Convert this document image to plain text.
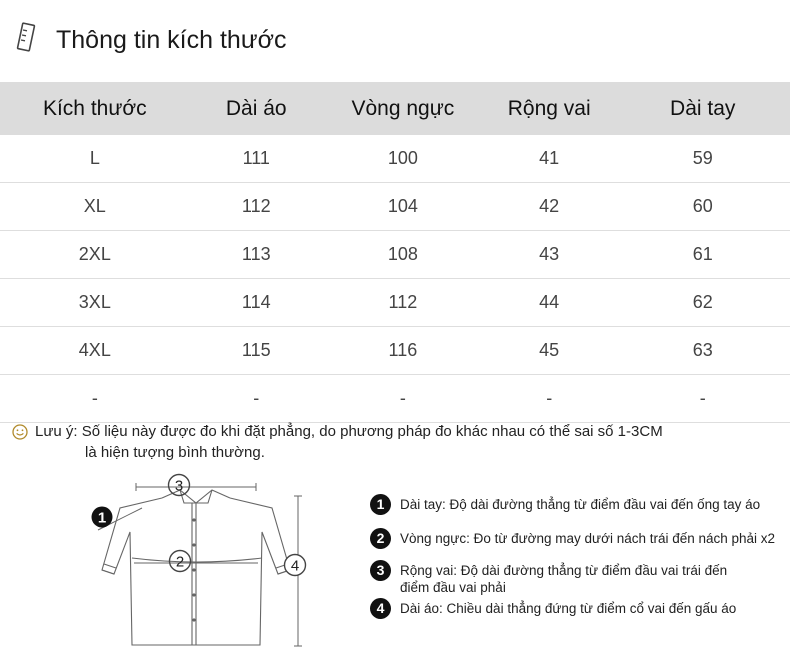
Thông tin kích thước
Kích thước	Dài áo	Vòng ngực	Rộng vai	Dài tay
L	111	100	41	59
XL	112	104	42	60
2XL	113	108	43	61
3XL	114	112	44	62
4XL	115	116	45	63
-	-	-	-	-
Lưu ý: Số liệu này được đo khi đặt phẳng, do phương pháp đo khác nhau có thể sai số 1-3CM
là hiện tượng bình thường.
3
1
2	4
1	Dài tay: Độ dài đường thẳng từ điểm đầu vai đến ống tay áo
2	Vòng ngực: Đo từ đường may dưới nách trái đến nách phải x2
3	Rộng vai: Độ dài đường thẳng từ điểm đầu vai trái đến điểm đầu vai phải
4	Dài áo: Chiều dài thẳng đứng từ điểm cổ vai đến gấu áo
